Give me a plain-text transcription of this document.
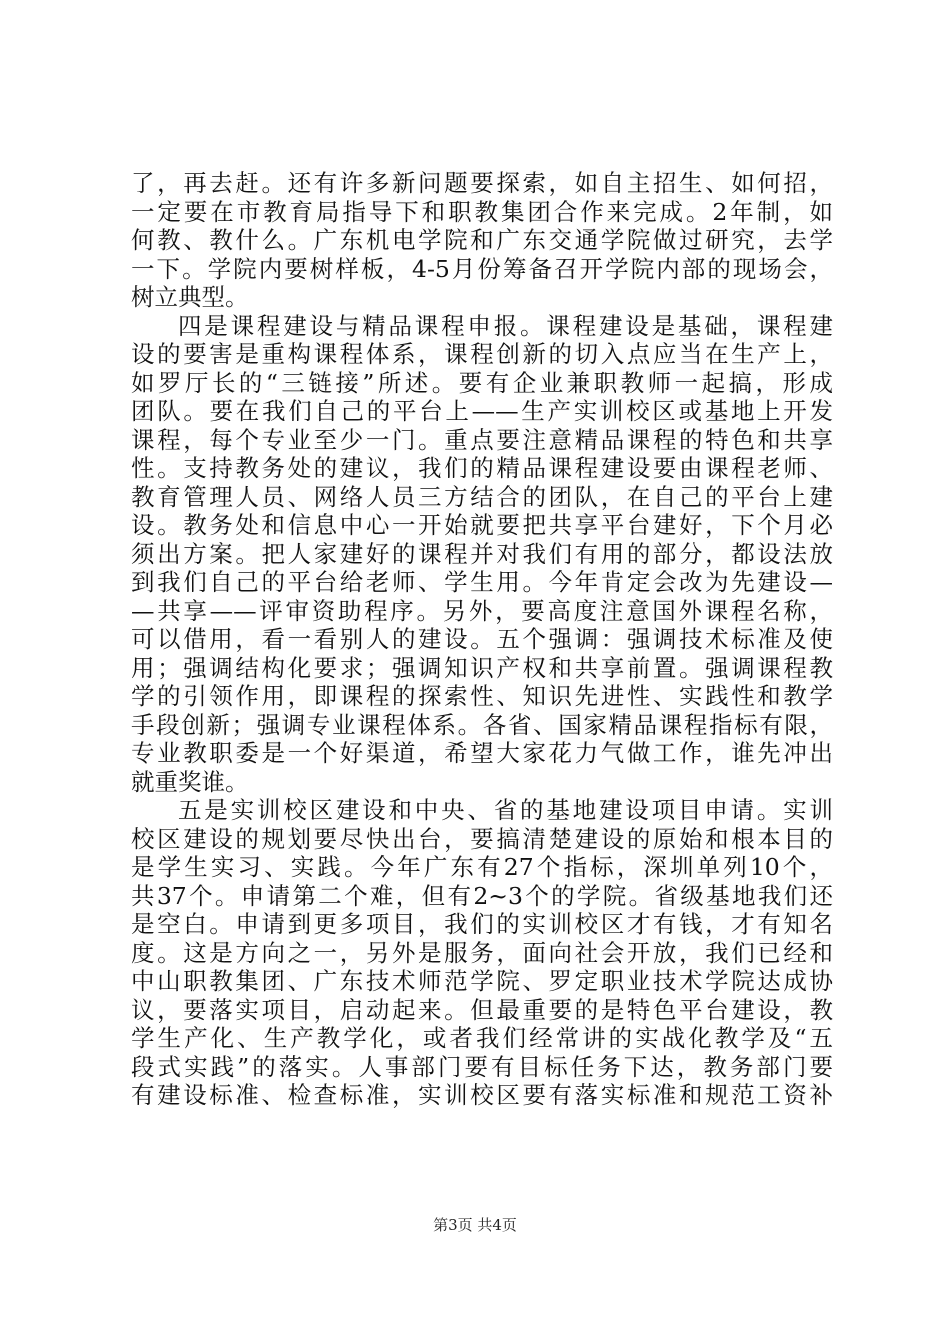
了，再去赶。还有许多新问题要探索，如自主招生、如何招，
一定要在市教育局指导下和职教集团合作来完成。2年制，如
何教、教什么。广东机电学院和广东交通学院做过研究，去学
一下。学院内要树样板，4-5月份筹备召开学院内部的现场会，
树立典型。
四是课程建设与精品课程申报。课程建设是基础，课程建
设的要害是重构课程体系，课程创新的切入点应当在生产上，
如罗厅长的“三链接”所述。要有企业兼职教师一起搞，形成
团队。要在我们自己的平台上——生产实训校区或基地上开发
课程，每个专业至少一门。重点要注意精品课程的特色和共享
性。支持教务处的建议，我们的精品课程建设要由课程老师、
教育管理人员、网络人员三方结合的团队，在自己的平台上建
设。教务处和信息中心一开始就要把共享平台建好，下个月必
须出方案。把人家建好的课程并对我们有用的部分，都设法放
到我们自己的平台给老师、学生用。今年肯定会改为先建设—
—共享——评审资助程序。另外，要高度注意国外课程名称，
可以借用，看一看别人的建设。五个强调：强调技术标准及使
用；强调结构化要求；强调知识产权和共享前置。强调课程教
学的引领作用，即课程的探索性、知识先进性、实践性和教学
手段创新；强调专业课程体系。各省、国家精品课程指标有限，
专业教职委是一个好渠道，希望大家花力气做工作，谁先冲出
就重奖谁。
五是实训校区建设和中央、省的基地建设项目申请。实训
校区建设的规划要尽快出台，要搞清楚建设的原始和根本目的
是学生实习、实践。今年广东有27个指标，深圳单列10个，
共37个。申请第二个难，但有2~3个的学院。省级基地我们还
是空白。申请到更多项目，我们的实训校区才有钱，才有知名
度。这是方向之一，另外是服务，面向社会开放，我们已经和
中山职教集团、广东技术师范学院、罗定职业技术学院达成协
议，要落实项目，启动起来。但最重要的是特色平台建设，教
学生产化、生产教学化，或者我们经常讲的实战化教学及“五
段式实践”的落实。人事部门要有目标任务下达，教务部门要
有建设标准、检查标准，实训校区要有落实标准和规范工资补
第3页 共4页
